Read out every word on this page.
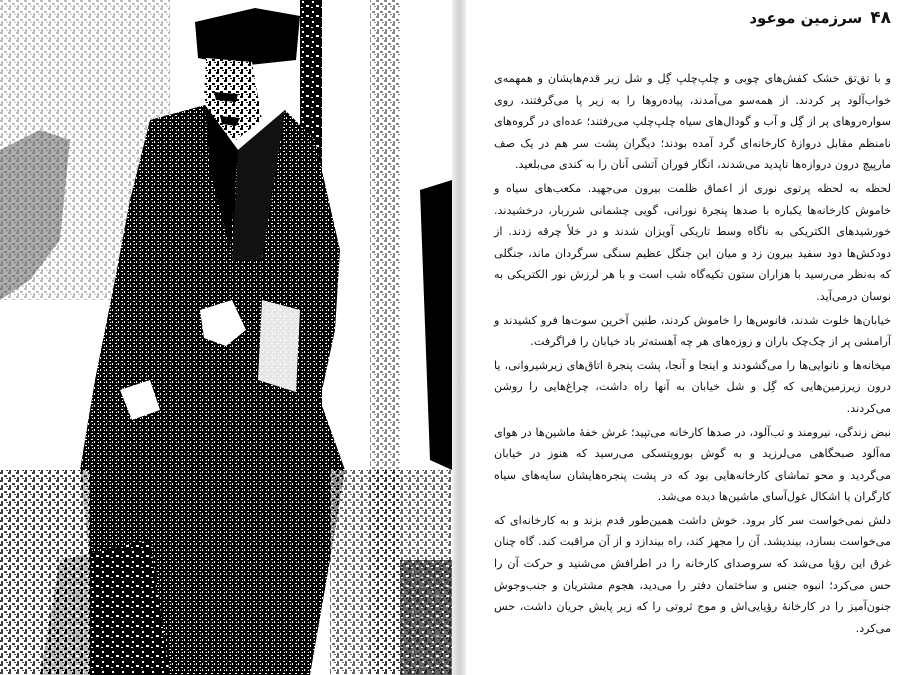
۴۸
سرزمین موعود

و با تق‌تق خشک کفش‌های چوبی و چلپ‌چلپ گِل و شل زیر قدم‌هایشان و همهمه‌ی خواب‌آلود پر کردند. از همه‌سو می‌آمدند، پیاده‌روها را به زیر پا می‌گرفتند، روی سواره‌روهای پر از گِل و آب و گودال‌های سیاه چلپ‌چلپ می‌رفتند؛ عده‌ای در گروه‌های نامنظم مقابل دروازهٔ کارخانه‌ای گرد آمده بودند؛ دیگران پشت سر هم در یک صف مارپیچ درون دروازه‌ها ناپدید می‌شدند، انگار فوران آتشی آنان را به کندی می‌بلعید.

لحظه به لحظه پرتوی نوری از اعماق ظلمت بیرون می‌جهید. مکعب‌های سیاه و خاموش کارخانه‌ها یکباره با صدها پنجرهٔ نورانی، گویی چشمانی شرربار، درخشیدند. خورشیدهای الکتریکی به ناگاه وسط تاریکی آویزان شدند و در خلأ چرقه زدند. از دودکش‌ها دود سفید بیرون زد و میان این جنگل عظیم سنگی سرگردان ماند، جنگلی که به‌نظر می‌رسید با هزاران ستون تکیه‌گاه شب است و با هر لرزش نور الکتریکی به نوسان درمی‌آید.

خیابان‌ها خلوت شدند، فانوس‌ها را خاموش کردند، طنین آخرین سوت‌ها فرو کشیدند و آرامشی پر از چک‌چک باران و زوزه‌های هر چه آهسته‌تر باد خیابان را فراگرفت.

میخانه‌ها و نانوایی‌ها را می‌گشودند و اینجا و آنجا، پشت پنجرهٔ اتاق‌های زیرشیروانی، یا درون زیرزمین‌هایی که گِل و شل خیابان به آنها راه داشت، چراغ‌هایی را روشن می‌کردند.

نبض زندگی، نیرومند و تب‌آلود، در صدها کارخانه می‌تپید؛ غرش خفهٔ ماشین‌ها در هوای مه‌آلود صبحگاهی می‌لرزید و به گوش بورویتسکی می‌رسید که هنوز در خیابان می‌گردید و محو تماشای کارخانه‌هایی بود که در پشت پنجره‌هایشان سایه‌های سیاه کارگران یا اشکال غول‌آسای ماشین‌ها دیده می‌شد.

دلش نمی‌خواست سر کار برود. خوش داشت همین‌طور قدم بزند و به کارخانه‌ای که می‌خواست بسازد، بیندیشد. آن را مجهز کند، راه بیندازد و از آن مراقبت کند. گاه چنان غرق این رؤیا می‌شد که سروصدای کارخانه را در اطرافش می‌شنید و حرکت آن را حس می‌کرد؛ انبوه جنس و ساختمان دفتر را می‌دید، هجوم مشتریان و جنب‌وجوش جنون‌آمیز را در کارخانهٔ رؤیایی‌اش و موج ثروتی را که زیر پایش جریان داشت، حس می‌کرد.
